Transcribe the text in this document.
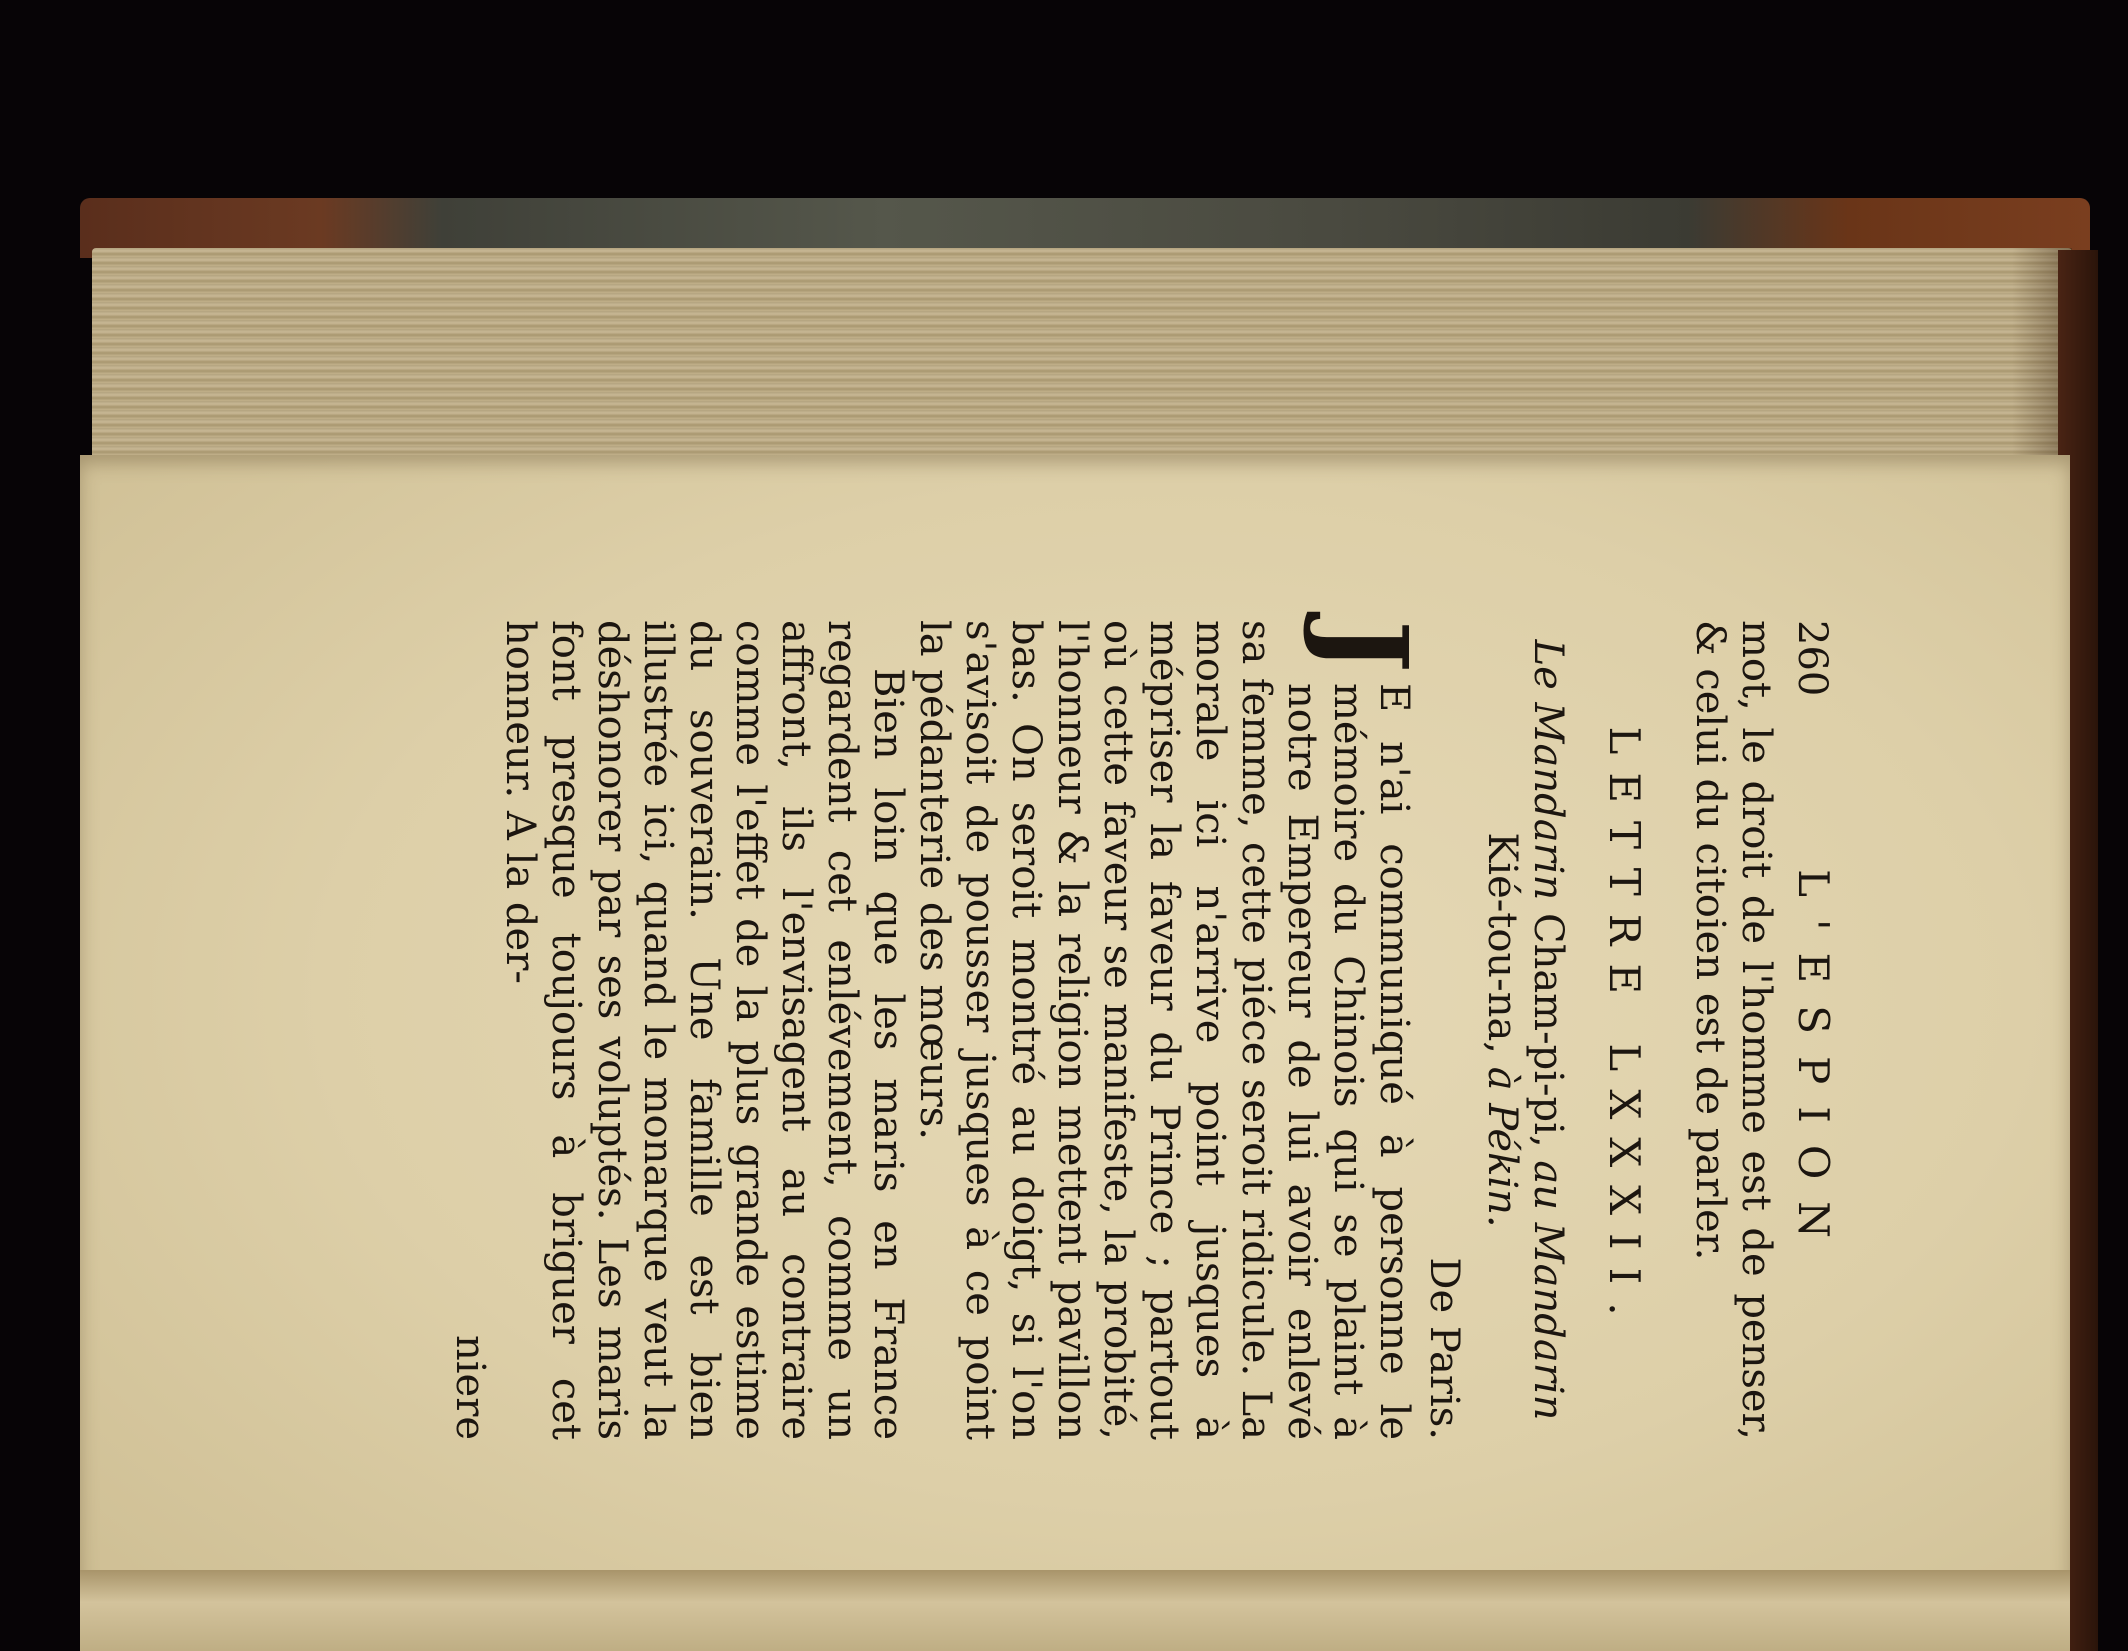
260
L'ESPION

mot, le droit de l'homme est de penser, & celui du citoien est de parler.

LETTRE LXXXII.
Le Mandarin Cham-pi-pi, au Mandarin
Kié-tou-na, à Pékin.
De Paris.

J
E n'ai communiqué à personne le mémoire du Chinois qui se plaint à notre Empereur de lui avoir enlevé sa femme, cette piéce seroit ridicule. La morale ici n'arrive point jusques à mépriser la faveur du Prince ; partout où cette faveur se manifeste, la probité, l'honneur & la religion mettent pavillon bas. On seroit montré au doigt, si l'on s'avisoit de pousser jusques à ce point la pédanterie des mœurs.

Bien loin que les maris en France regardent cet enlévement, comme un affront, ils l'envisagent au contraire comme l'effet de la plus grande estime du souverain. Une famille est bien illustrée ici, quand le monarque veut la déshonorer par ses voluptés. Les maris font presque toujours à briguer cet honneur. A la der-

niere
